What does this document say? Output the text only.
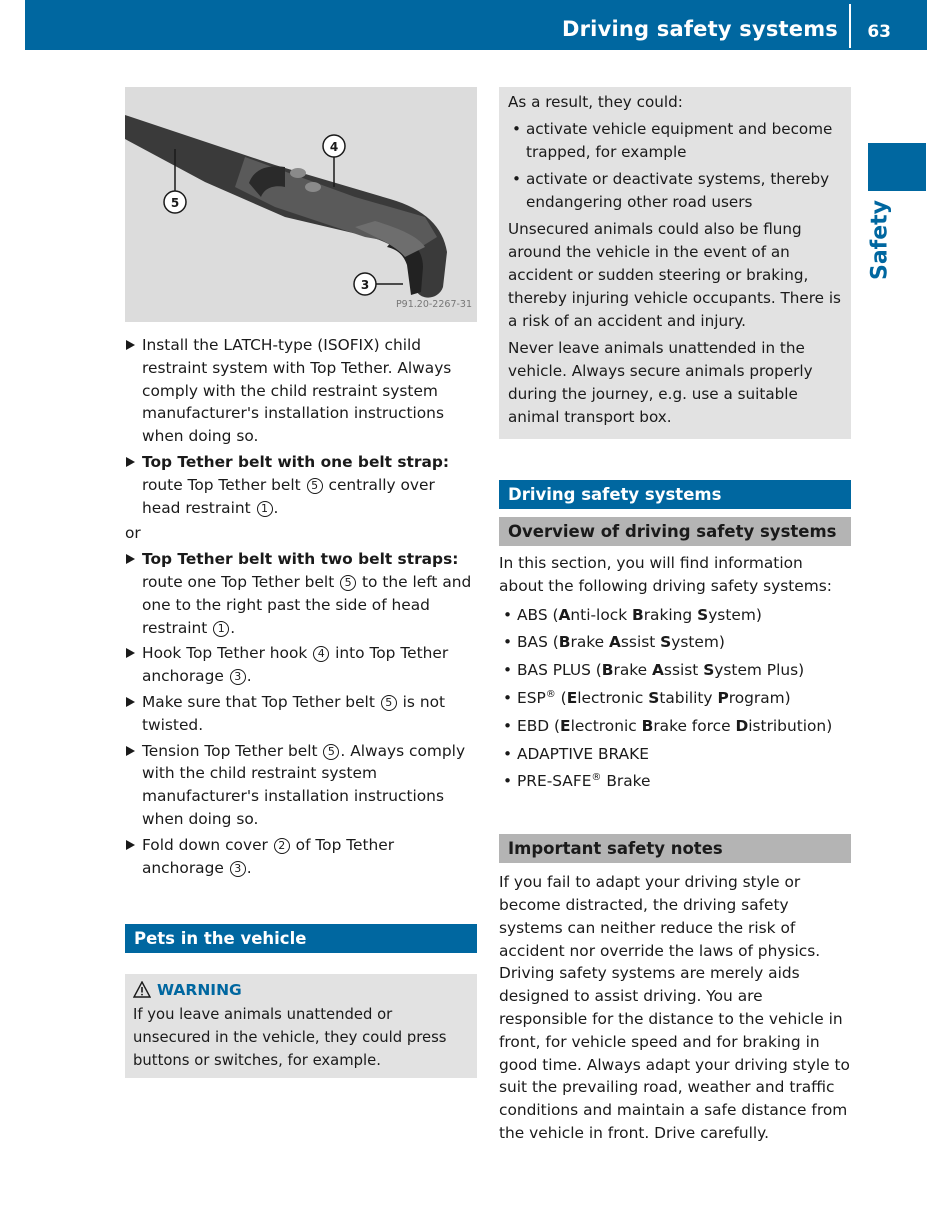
Driving safety systems 63
Safety
5
4
3
P91.20-2267-31

Install the LATCH-type (ISOFIX) child restraint system with Top Tether. Always comply with the child restraint system manufacturer's installation instructions when doing so.

Top Tether belt with one belt strap: route Top Tether belt 5 centrally over head restraint 1 .

or

Top Tether belt with two belt straps: route one Top Tether belt 5 to the left and one to the right past the side of head restraint 1 .

Hook Top Tether hook 4 into Top Tether anchorage 3 .

Make sure that Top Tether belt 5 is not twisted.

Tension Top Tether belt 5 . Always comply with the child restraint system manufacturer's installation instructions when doing so.

Fold down cover 2 of Top Tether anchorage 3 .

Pets in the vehicle
WARNING

If you leave animals unattended or unsecured in the vehicle, they could press buttons or switches, for example.

As a result, they could:

• activate vehicle equipment and become trapped, for example

• activate or deactivate systems, thereby endangering other road users

Unsecured animals could also be flung around the vehicle in the event of an accident or sudden steering or braking, thereby injuring vehicle occupants. There is a risk of an accident and injury.

Never leave animals unattended in the vehicle. Always secure animals properly during the journey, e.g. use a suitable animal transport box.

Driving safety systems
Overview of driving safety systems

In this section, you will find information about the following driving safety systems:

• ABS (Anti-lock Braking System)

• BAS (Brake Assist System)

• BAS PLUS (Brake Assist System Plus)

• ESP® (Electronic Stability Program)

• EBD (Electronic Brake force Distribution)

• ADAPTIVE BRAKE

• PRE-SAFE® Brake

Important safety notes

If you fail to adapt your driving style or become distracted, the driving safety systems can neither reduce the risk of accident nor override the laws of physics. Driving safety systems are merely aids designed to assist driving. You are responsible for the distance to the vehicle in front, for vehicle speed and for braking in good time. Always adapt your driving style to suit the prevailing road, weather and traffic conditions and maintain a safe distance from the vehicle in front. Drive carefully.
